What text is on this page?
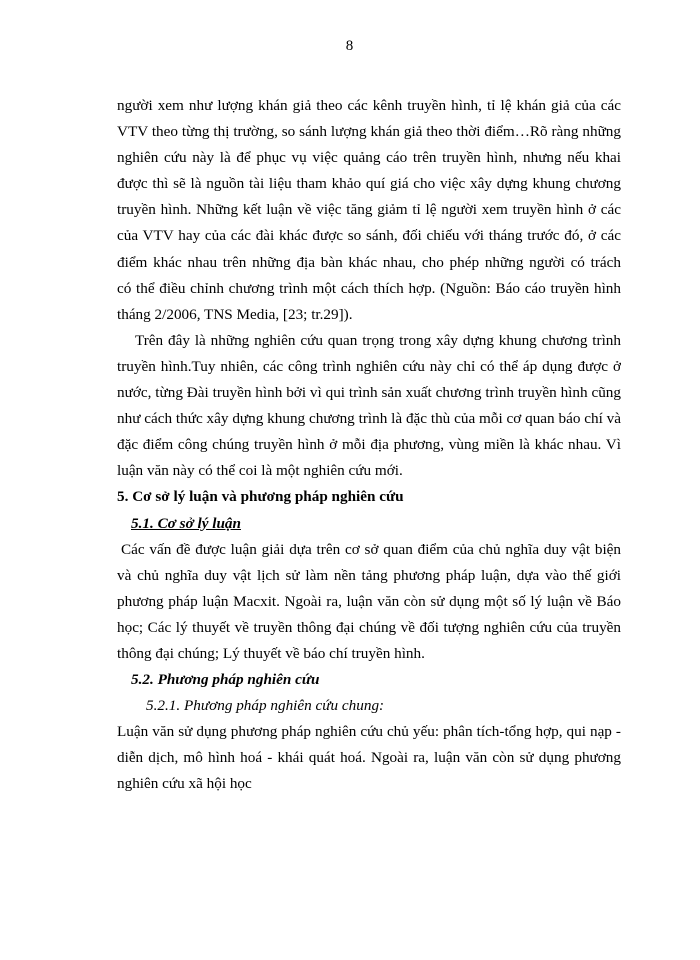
8
người xem như lượng khán giả theo các kênh truyền hình, tỉ lệ khán giả của các
VTV theo từng thị trường, so sánh lượng khán giả theo thời điểm…Rõ ràng những
nghiên cứu này là để phục vụ việc quảng cáo trên truyền hình, nhưng nếu khai
được thì sẽ là nguồn tài liệu tham khảo quí giá cho việc xây dựng khung chương
truyền hình. Những kết luận về việc tăng giảm tỉ lệ người xem truyền hình ở các
của VTV hay của các đài khác được so sánh, đối chiếu với tháng trước đó, ở các
điểm khác nhau trên những địa bàn khác nhau, cho phép những người có trách
có thể điều chỉnh chương trình một cách thích hợp. (Nguồn: Báo cáo truyền hình
tháng 2/2006, TNS Media, [23; tr.29]).
Trên đây là những nghiên cứu quan trọng trong xây dựng khung chương trình
truyền hình.Tuy nhiên, các công trình nghiên cứu này chỉ có thể áp dụng được ở
nước, từng Đài truyền hình bởi vì qui trình sản xuất chương trình truyền hình cũng
như cách thức xây dựng khung chương trình là đặc thù của mỗi cơ quan báo chí và
đặc điểm công chúng truyền hình ở mỗi địa phương, vùng miền là khác nhau. Vì
luận văn này có thể coi là một nghiên cứu mới.
5. Cơ sở lý luận và phương pháp nghiên cứu
5.1. Cơ sở lý luận
Các vấn đề được luận giải dựa trên cơ sở quan điểm của chủ nghĩa duy vật biện
và chủ nghĩa duy vật lịch sử làm nền tảng phương pháp luận, dựa vào thế giới
phương pháp luận Macxit. Ngoài ra, luận văn còn sử dụng một số lý luận về Báo
học; Các lý thuyết về truyền thông đại chúng về đối tượng nghiên cứu của truyền
thông đại chúng; Lý thuyết về báo chí truyền hình.
5.2. Phương pháp nghiên cứu
5.2.1. Phương pháp nghiên cứu chung:
Luận văn sử dụng phương pháp nghiên cứu chủ yếu: phân tích-tổng hợp, qui nạp -
diễn dịch, mô hình hoá - khái quát hoá. Ngoài ra, luận văn còn sử dụng phương
nghiên cứu xã hội học
